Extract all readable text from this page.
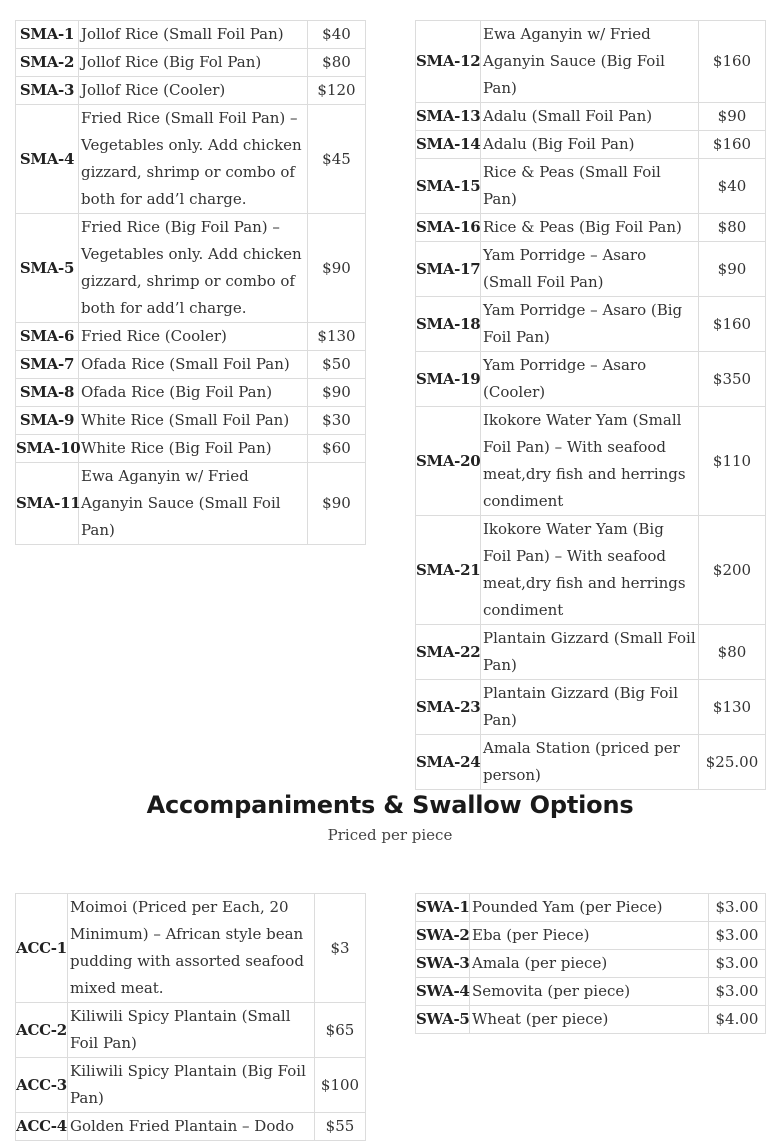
SMA-1	Jollof Rice (Small Foil Pan)	$40
SMA-2	Jollof Rice (Big Fol Pan)	$80
SMA-3	Jollof Rice (Cooler)	$120
SMA-4	Fried Rice (Small Foil Pan) – Vegetables only. Add chicken gizzard, shrimp or combo of both for add’l charge.	$45
SMA-5	Fried Rice (Big Foil Pan) – Vegetables only. Add chicken gizzard, shrimp or combo of both for add’l charge.	$90
SMA-6	Fried Rice (Cooler)	$130
SMA-7	Ofada Rice (Small Foil Pan)	$50
SMA-8	Ofada Rice (Big Foil Pan)	$90
SMA-9	White Rice (Small Foil Pan)	$30
SMA-10	White Rice (Big Foil Pan)	$60
SMA-11	Ewa Aganyin w/ Fried Aganyin Sauce (Small Foil Pan)	$90
SMA-12	Ewa Aganyin w/ Fried Aganyin Sauce (Big Foil Pan)	$160
SMA-13	Adalu (Small Foil Pan)	$90
SMA-14	Adalu (Big Foil Pan)	$160
SMA-15	Rice & Peas (Small Foil Pan)	$40
SMA-16	Rice & Peas (Big Foil Pan)	$80
SMA-17	Yam Porridge – Asaro (Small Foil Pan)	$90
SMA-18	Yam Porridge – Asaro (Big Foil Pan)	$160
SMA-19	Yam Porridge – Asaro (Cooler)	$350
SMA-20	Ikokore Water Yam (Small Foil Pan) – With seafood meat,dry fish and herrings condiment	$110
SMA-21	Ikokore Water Yam (Big Foil Pan) – With seafood meat,dry fish and herrings condiment	$200
SMA-22	Plantain Gizzard (Small Foil Pan)	$80
SMA-23	Plantain Gizzard (Big Foil Pan)	$130
SMA-24	Amala Station (priced per person)	$25.00
Accompaniments & Swallow Options
Priced per piece
ACC-1	Moimoi (Priced per Each, 20 Minimum) – African style bean pudding with assorted seafood mixed meat.	$3
ACC-2	Kiliwili Spicy Plantain (Small Foil Pan)	$65
ACC-3	Kiliwili Spicy Plantain (Big Foil Pan)	$100
ACC-4	Golden Fried Plantain – Dodo	$55
SWA-1	Pounded Yam (per Piece)	$3.00
SWA-2	Eba (per Piece)	$3.00
SWA-3	Amala (per piece)	$3.00
SWA-4	Semovita (per piece)	$3.00
SWA-5	Wheat (per piece)	$4.00
